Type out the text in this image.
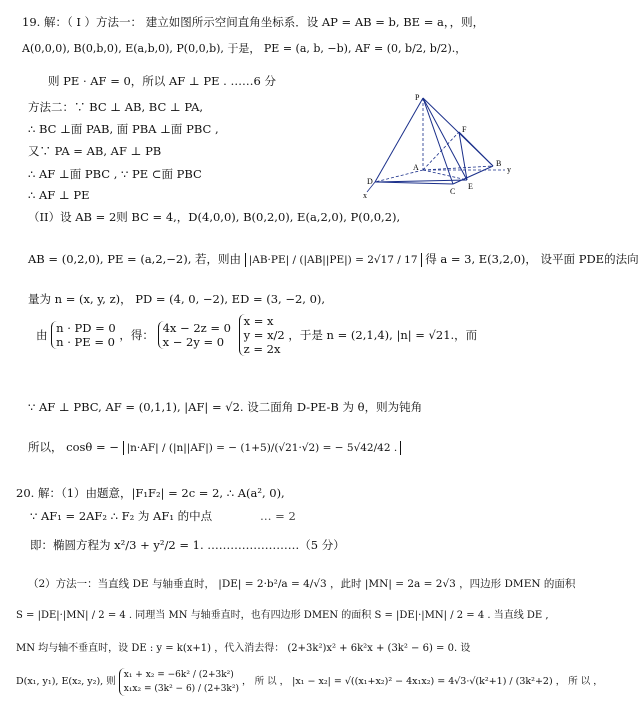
19. 解：（ I ）方法一： 建立如图所示空间直角坐标系．设 AP = AB = b, BE = a，，则，
A(0,0,0), B(0,b,0), E(a,b,0), P(0,0,b), 于是， PE = (a, b, −b), AF = (0, b/2, b/2).，
则 PE · AF = 0，所以 AF ⊥ PE . ……6 分
方法二：∵ BC ⊥ AB, BC ⊥ PA,
∴ BC ⊥面 PAB, 面 PBA ⊥面 PBC ,
又∵ PA = AB, AF ⊥ PB
∴ AF ⊥面 PBC , ∵ PE ⊂面 PBC
∴ AF ⊥ PE
P
F
A	B
D
C
E
x
y
（II）设 AB = 2则 BC = 4,，D(4,0,0), B(0,2,0), E(a,2,0), P(0,0,2),
AB = (0,2,0), PE = (a,2,−2), 若，则由 |AB·PE| / (|AB||PE|) = 2√17 / 17 得 a = 3, E(3,2,0)， 设平面 PDE的法向
量为 n = (x, y, z)， PD = (4, 0, −2), ED = (3, −2, 0),
由 n · PD = 0
n · PE = 0 ，得： 4x − 2z = 0
x − 2y = 0

x = x
y = x/2
z = 2x
，于是 n = (2,1,4), |n| = √21.，而
∵ AF ⊥ PBC, AF = (0,1,1), |AF| = √2. 设二面角 D-PE-B 为 θ，则为钝角
所以， cosθ = − |n·AF| / (|n||AF|) = − (1+5)/(√21·√2) = − 5√42/42 .
20. 解：（1）由题意，|F₁F₂| = 2c = 2, ∴ A(a², 0),
∵ AF₁ = 2AF₂ ∴ F₂ 为 AF₁ 的中点	… = 2
即：椭圆方程为 x²/3 + y²/2 = 1. ……………………（5 分）
（2）方法一：当直线 DE 与轴垂直时， |DE| = 2·b²/a = 4/√3 ，此时 |MN| = 2a = 2√3 ，四边形 DMEN 的面积
S = |DE|·|MN| / 2 = 4 . 同理当 MN 与轴垂直时，也有四边形 DMEN 的面积 S = |DE|·|MN| / 2 = 4 . 当直线 DE ,
MN 均与轴不垂直时，设 DE : y = k(x+1) ，代入消去得： (2+3k²)x² + 6k²x + (3k² − 6) = 0. 设
D(x₁, y₁), E(x₂, y₂), 则
x₁ + x₂ = −6k² / (2+3k²)
x₁x₂ = (3k² − 6) / (2+3k²)
， 所 以 ， |x₁ − x₂| = √((x₁+x₂)² − 4x₁x₂) = 4√3·√(k²+1) / (3k²+2) ， 所 以 ，
